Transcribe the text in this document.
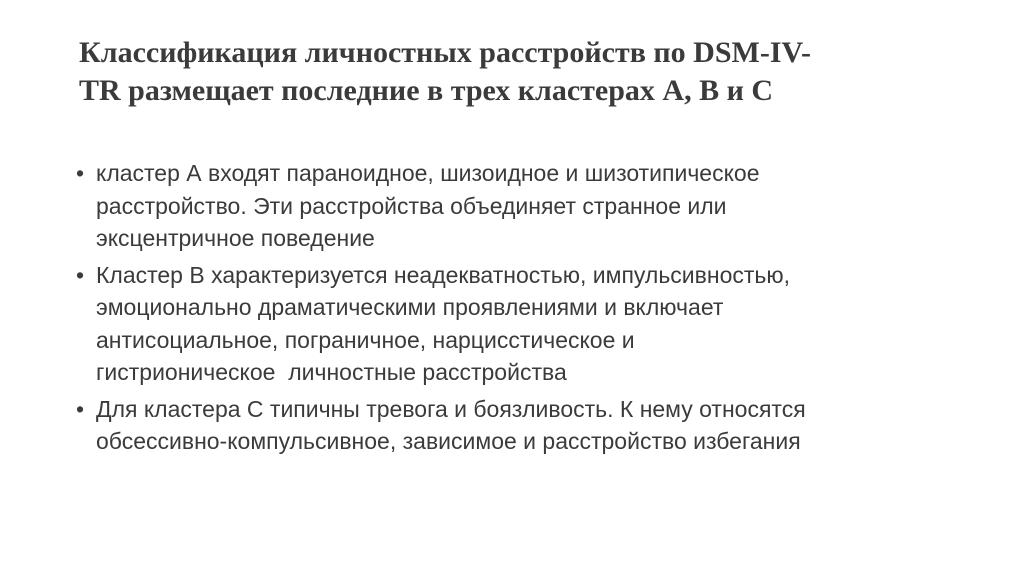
Классификация личностных расстройств по DSM-IV-
TR размещает последние в трех кластерах A, B и C
• кластер А входят параноидное, шизоидное и шизотипическое
расстройство. Эти расстройства объединяет странное или
эксцентричное поведение
• Кластер В характеризуется неадекватностью, импульсивностью,
эмоционально драматическими проявлениями и включает
антисоциальное, пограничное, нарциcстическое и
гистрионическое  личностные расстройства
• Для кластера С типичны тревога и боязливость. К нему относятся
обсессивно-компульсивное, зависимое и расстройство избегания
